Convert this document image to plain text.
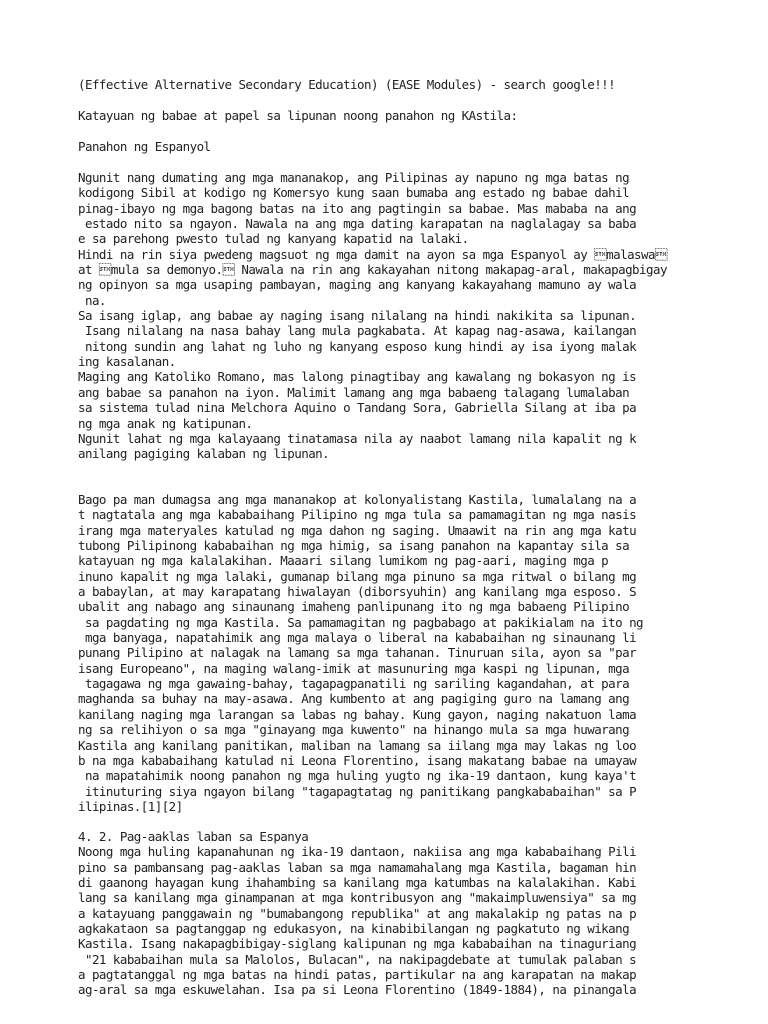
(Effective Alternative Secondary Education) (EASE Modules) - search google!!!
Katayuan ng babae at papel sa lipunan noong panahon ng KAstila:
Panahon ng Espanyol
Ngunit nang dumating ang mga mananakop, ang Pilipinas ay napuno ng mga batas ng
kodigong Sibil at kodigo ng Komersyo kung saan bumaba ang estado ng babae dahil
pinag-ibayo ng mga bagong batas na ito ang pagtingin sa babae. Mas mababa na ang
estado nito sa ngayon. Nawala na ang mga dating karapatan na naglalagay sa baba
e sa parehong pwesto tulad ng kanyang kapatid na lalaki.
Hindi na rin siya pwedeng magsuot ng mga damit na ayon sa mga Espanyol ay malaswa
at mula sa demonyo. Nawala na rin ang kakayahan nitong makapag-aral, makapagbigay
ng opinyon sa mga usaping pambayan, maging ang kanyang kakayahang mamuno ay wala
na.
Sa isang iglap, ang babae ay naging isang nilalang na hindi nakikita sa lipunan.
Isang nilalang na nasa bahay lang mula pagkabata. At kapag nag-asawa, kailangan
nitong sundin ang lahat ng luho ng kanyang esposo kung hindi ay isa iyong malak
ing kasalanan.
Maging ang Katoliko Romano, mas lalong pinagtibay ang kawalang ng bokasyon ng is
ang babae sa panahon na iyon. Malimit lamang ang mga babaeng talagang lumalaban
sa sistema tulad nina Melchora Aquino o Tandang Sora, Gabriella Silang at iba pa
ng mga anak ng katipunan.
Ngunit lahat ng mga kalayaang tinatamasa nila ay naabot lamang nila kapalit ng k
anilang pagiging kalaban ng lipunan.
Bago pa man dumagsa ang mga mananakop at kolonyalistang Kastila, lumalalang na a
t nagtatala ang mga kababaihang Pilipino ng mga tula sa pamamagitan ng mga nasis
irang mga materyales katulad ng mga dahon ng saging. Umaawit na rin ang mga katu
tubong Pilipinong kababaihan ng mga himig, sa isang panahon na kapantay sila sa
katayuan ng mga kalalakihan. Maaari silang lumikom ng pag-aari, maging mga p
inuno kapalit ng mga lalaki, gumanap bilang mga pinuno sa mga ritwal o bilang mg
a babaylan, at may karapatang hiwalayan (diborsyuhin) ang kanilang mga esposo. S
ubalit ang nabago ang sinaunang imaheng panlipunang ito ng mga babaeng Pilipino
sa pagdating ng mga Kastila. Sa pamamagitan ng pagbabago at pakikialam na ito ng
mga banyaga, napatahimik ang mga malaya o liberal na kababaihan ng sinaunang li
punang Pilipino at nalagak na lamang sa mga tahanan. Tinuruan sila, ayon sa "par
isang Europeano", na maging walang-imik at masunuring mga kaspi ng lipunan, mga
tagagawa ng mga gawaing-bahay, tagapagpanatili ng sariling kagandahan, at para
maghanda sa buhay na may-asawa. Ang kumbento at ang pagiging guro na lamang ang
kanilang naging mga larangan sa labas ng bahay. Kung gayon, naging nakatuon lama
ng sa relihiyon o sa mga "ginayang mga kuwento" na hinango mula sa mga huwarang
Kastila ang kanilang panitikan, maliban na lamang sa iilang mga may lakas ng loo
b na mga kababaihang katulad ni Leona Florentino, isang makatang babae na umayaw
na mapatahimik noong panahon ng mga huling yugto ng ika-19 dantaon, kung kaya't
itinuturing siya ngayon bilang "tagapagtatag ng panitikang pangkababaihan" sa P
ilipinas.[1][2]
4. 2. Pag-aaklas laban sa Espanya
Noong mga huling kapanahunan ng ika-19 dantaon, nakiisa ang mga kababaihang Pili
pino sa pambansang pag-aaklas laban sa mga namamahalang mga Kastila, bagaman hin
di gaanong hayagan kung ihahambing sa kanilang mga katumbas na kalalakihan. Kabi
lang sa kanilang mga ginampanan at mga kontribusyon ang "makaimpluwensiya" sa mg
a katayuang panggawain ng "bumabangong republika" at ang makalakip ng patas na p
agkakataon sa pagtanggap ng edukasyon, na kinabibilangan ng pagkatuto ng wikang
Kastila. Isang nakapagbibigay-siglang kalipunan ng mga kababaihan na tinaguriang
"21 kababaihan mula sa Malolos, Bulacan", na nakipagdebate at tumulak palaban s
a pagtatanggal ng mga batas na hindi patas, partikular na ang karapatan na makap
ag-aral sa mga eskuwelahan. Isa pa si Leona Florentino (1849-1884), na pinangala
